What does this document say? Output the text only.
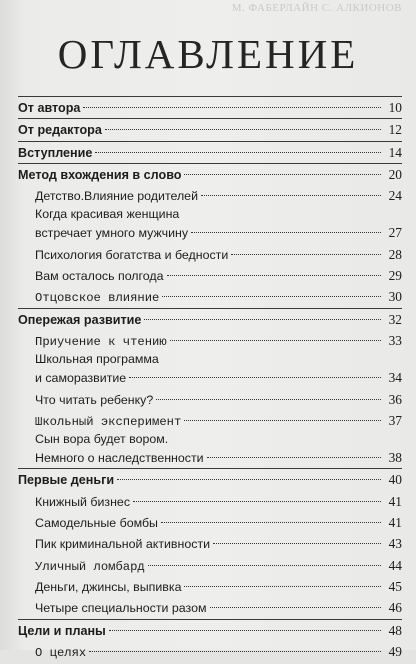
М. ФАБЕРЛАЙН С. АЛКИОНОВ
ОГЛАВЛЕНИЕ
От автора	10
От редактора	12
Вступление	14
Метод вхождения в слово	20
Детство.Влияние родителей	24
Когда красивая женщина
встречает умного мужчину	27
Психология богатства и бедности	28
Вам осталось полгода	29
Отцовское влияние	30
Опережая развитие	32
Приучение к чтению	33
Школьная программа
и саморазвитие	34
Что читать ребенку?	36
Школьный эксперимент	37
Сын вора будет вором.
Немного о наследственности	38
Первые деньги	40
Книжный бизнес	41
Самодельные бомбы	41
Пик криминальной активности	43
Уличный ломбард	44
Деньги, джинсы, выпивка	45
Четыре специальности разом	46
Цели и планы	48
О целях	49
